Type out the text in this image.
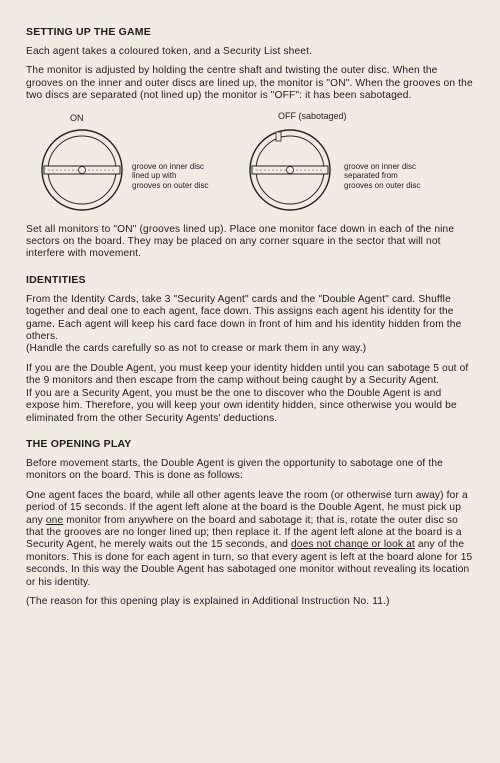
SETTING UP THE GAME

Each agent takes a coloured token, and a Security List sheet.

The monitor is adjusted by holding the centre shaft and twisting the outer disc. When the grooves on the inner and outer discs are lined up, the monitor is "ON". When the grooves on the two discs are separated (not lined up) the monitor is "OFF": it has been sabotaged.

ON	OFF (sabotaged)
groove on inner disc
lined up with
grooves on outer disc
groove on inner disc
separated from
grooves on outer disc

Set all monitors to "ON" (grooves lined up). Place one monitor face down in each of the nine sectors on the board. They may be placed on any corner square in the sector that will not interfere with movement.

IDENTITIES

From the Identity Cards, take 3 "Security Agent" cards and the "Double Agent" card. Shuffle together and deal one to each agent, face down. This assigns each agent his identity for the game. Each agent will keep his card face down in front of him and his identity hidden from the others.

(Handle the cards carefully so as not to crease or mark them in any way.)

If you are the Double Agent, you must keep your identity hidden until you can sabotage 5 out of the 9 monitors and then escape from the camp without being caught by a Security Agent.

If you are a Security Agent, you must be the one to discover who the Double Agent is and expose him. Therefore, you will keep your own identity hidden, since otherwise you would be eliminated from the other Security Agents' deductions.

THE OPENING PLAY

Before movement starts, the Double Agent is given the opportunity to sabotage one of the monitors on the board. This is done as follows:

One agent faces the board, while all other agents leave the room (or otherwise turn away) for a period of 15 seconds. If the agent left alone at the board is the Double Agent, he must pick up any one monitor from anywhere on the board and sabotage it; that is, rotate the outer disc so that the grooves are no longer lined up; then replace it. If the agent left alone at the board is a Security Agent, he merely waits out the 15 seconds, and does not change or look at any of the monitors. This is done for each agent in turn, so that every agent is left at the board alone for 15 seconds. In this way the Double Agent has sabotaged one monitor without revealing its location or his identity.

(The reason for this opening play is explained in Additional Instruction No. 11.)
